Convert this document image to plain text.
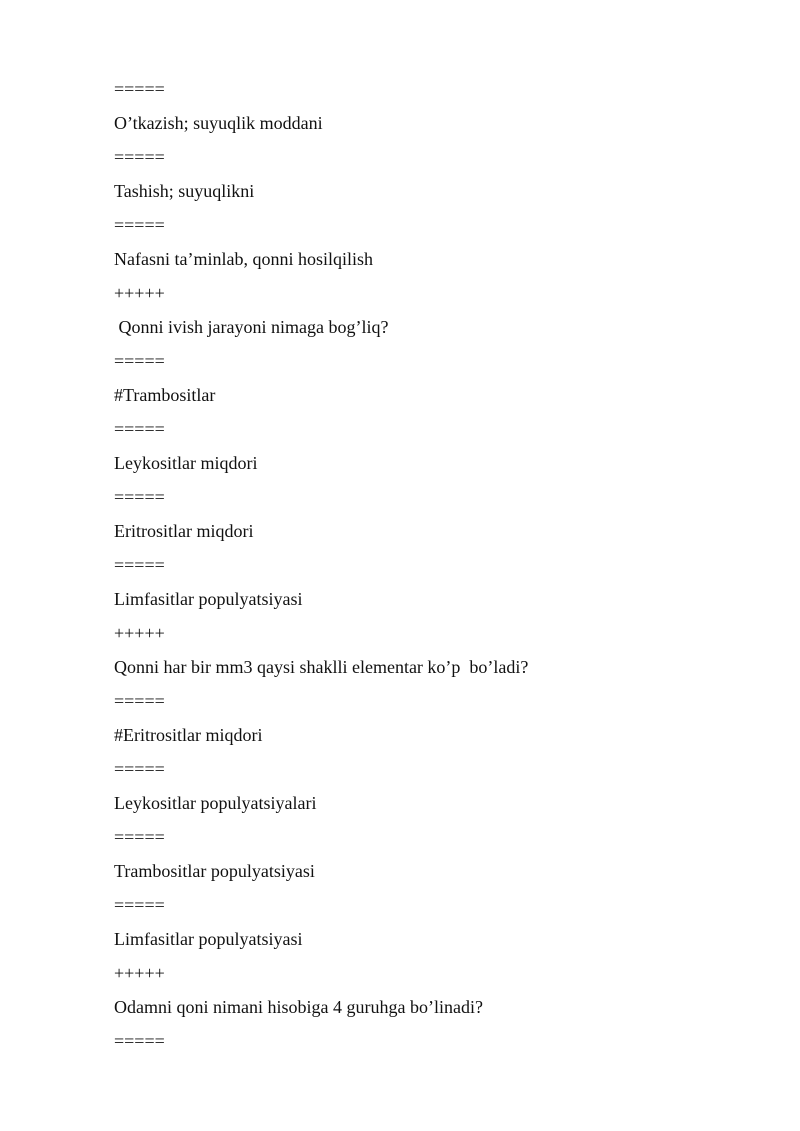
=====
O’tkazish; suyuqlik moddani
=====
Tashish; suyuqlikni
=====
Nafasni ta’minlab, qonni hosilqilish
+++++
Qonni ivish jarayoni nimaga bog’liq?
=====
#Trambositlar
=====
Leykositlar miqdori
=====
Eritrositlar miqdori
=====
Limfasitlar populyatsiyasi
+++++
Qonni har bir mm3 qaysi shaklli elementar ko’p  bo’ladi?
=====
#Eritrositlar miqdori
=====
Leykositlar populyatsiyalari
=====
Trambositlar populyatsiyasi
=====
Limfasitlar populyatsiyasi
+++++
Odamni qoni nimani hisobiga 4 guruhga bo’linadi?
=====
